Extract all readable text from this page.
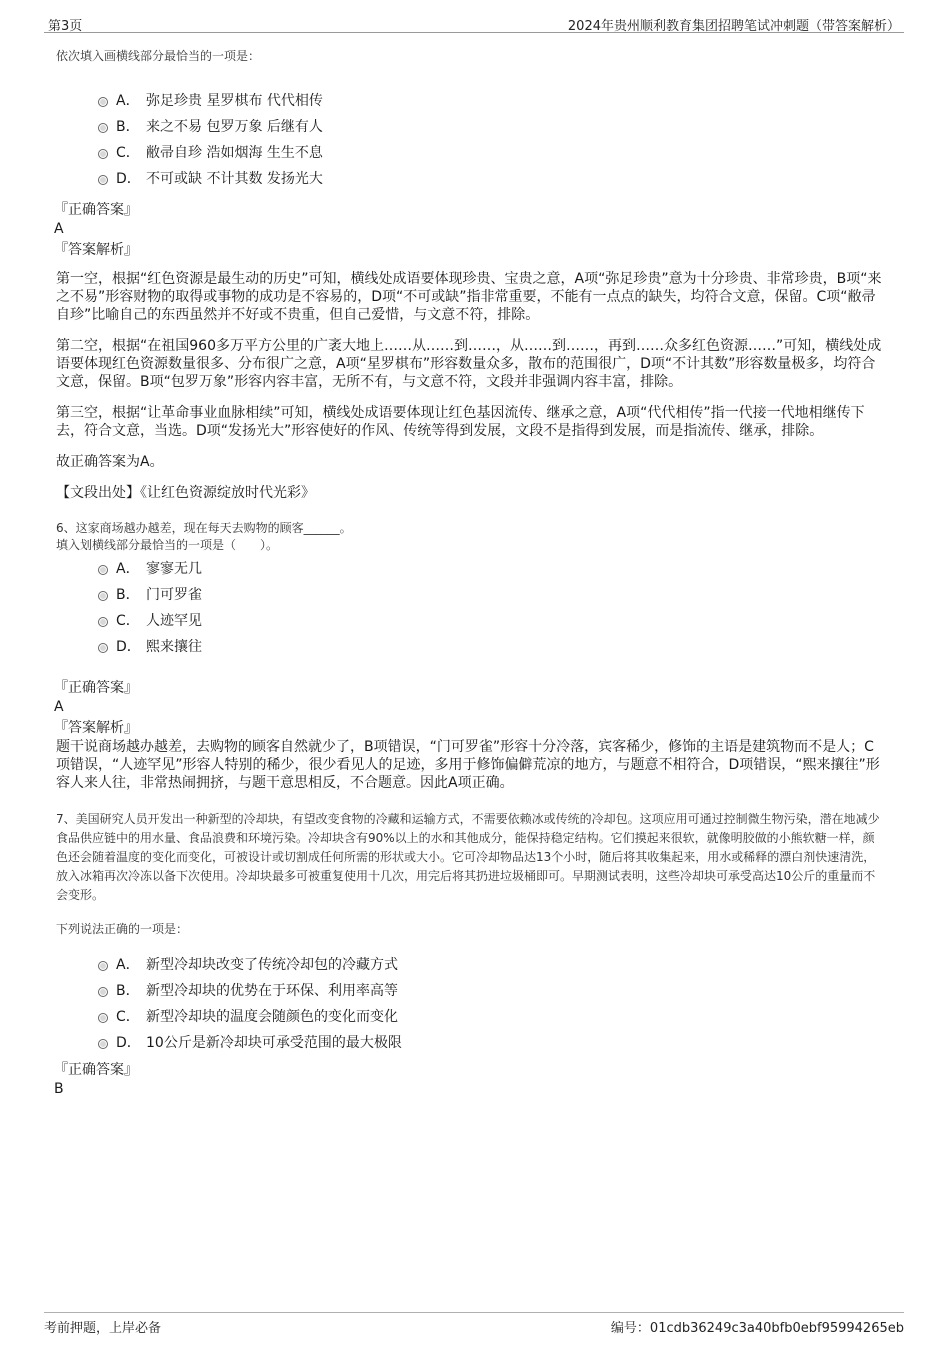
第3页	2024年贵州顺利教育集团招聘笔试冲刺题（带答案解析）
依次填入画横线部分最恰当的一项是：
A． 弥足珍贵 星罗棋布 代代相传
B． 来之不易 包罗万象 后继有人
C． 敝帚自珍 浩如烟海 生生不息
D． 不可或缺 不计其数 发扬光大
『正确答案』
A
『答案解析』

第一空，根据“红色资源是最生动的历史”可知，横线处成语要体现珍贵、宝贵之意，A项“弥足珍贵”意为十分珍贵、非常珍贵，B项“来之不易”形容财物的取得或事物的成功是不容易的，D项“不可或缺”指非常重要，不能有一点点的缺失，均符合文意，保留。C项“敝帚自珍”比喻自己的东西虽然并不好或不贵重，但自己爱惜，与文意不符，排除。

第二空，根据“在祖国960多万平方公里的广袤大地上……从……到……，从……到……，再到……众多红色资源……”可知，横线处成语要体现红色资源数量很多、分布很广之意，A项“星罗棋布”形容数量众多，散布的范围很广，D项“不计其数”形容数量极多，均符合文意，保留。B项“包罗万象”形容内容丰富，无所不有，与文意不符，文段并非强调内容丰富，排除。

第三空，根据“让革命事业血脉相续”可知，横线处成语要体现让红色基因流传、继承之意，A项“代代相传”指一代接一代地相继传下去，符合文意，当选。D项“发扬光大”形容使好的作风、传统等得到发展，文段不是指得到发展，而是指流传、继承，排除。

故正确答案为A。

【文段出处】《让红色资源绽放时代光彩》

6、这家商场越办越差，现在每天去购物的顾客______。

填入划横线部分最恰当的一项是（　　）。

A． 寥寥无几
B． 门可罗雀
C． 人迹罕见
D． 熙来攘往
『正确答案』
A
『答案解析』

题干说商场越办越差，去购物的顾客自然就少了，B项错误，“门可罗雀”形容十分冷落，宾客稀少，修饰的主语是建筑物而不是人；C项错误，“人迹罕见”形容人特别的稀少，很少看见人的足迹，多用于修饰偏僻荒凉的地方，与题意不相符合，D项错误，“熙来攘往”形容人来人往，非常热闹拥挤，与题干意思相反，不合题意。因此A项正确。

7、美国研究人员开发出一种新型的冷却块，有望改变食物的冷藏和运输方式，不需要依赖冰或传统的冷却包。这项应用可通过控制微生物污染，潜在地减少食品供应链中的用水量、食品浪费和环境污染。冷却块含有90%以上的水和其他成分，能保持稳定结构。它们摸起来很软，就像明胶做的小熊软糖一样，颜色还会随着温度的变化而变化，可被设计或切割成任何所需的形状或大小。它可冷却物品达13个小时，随后将其收集起来，用水或稀释的漂白剂快速清洗，放入冰箱再次冷冻以备下次使用。冷却块最多可被重复使用十几次，用完后将其扔进垃圾桶即可。早期测试表明，这些冷却块可承受高达10公斤的重量而不会变形。

下列说法正确的一项是：

A． 新型冷却块改变了传统冷却包的冷藏方式
B． 新型冷却块的优势在于环保、利用率高等
C． 新型冷却块的温度会随颜色的变化而变化
D． 10公斤是新冷却块可承受范围的最大极限
『正确答案』
B
考前押题，上岸必备	编号：01cdb36249c3a40bfb0ebf95994265eb
